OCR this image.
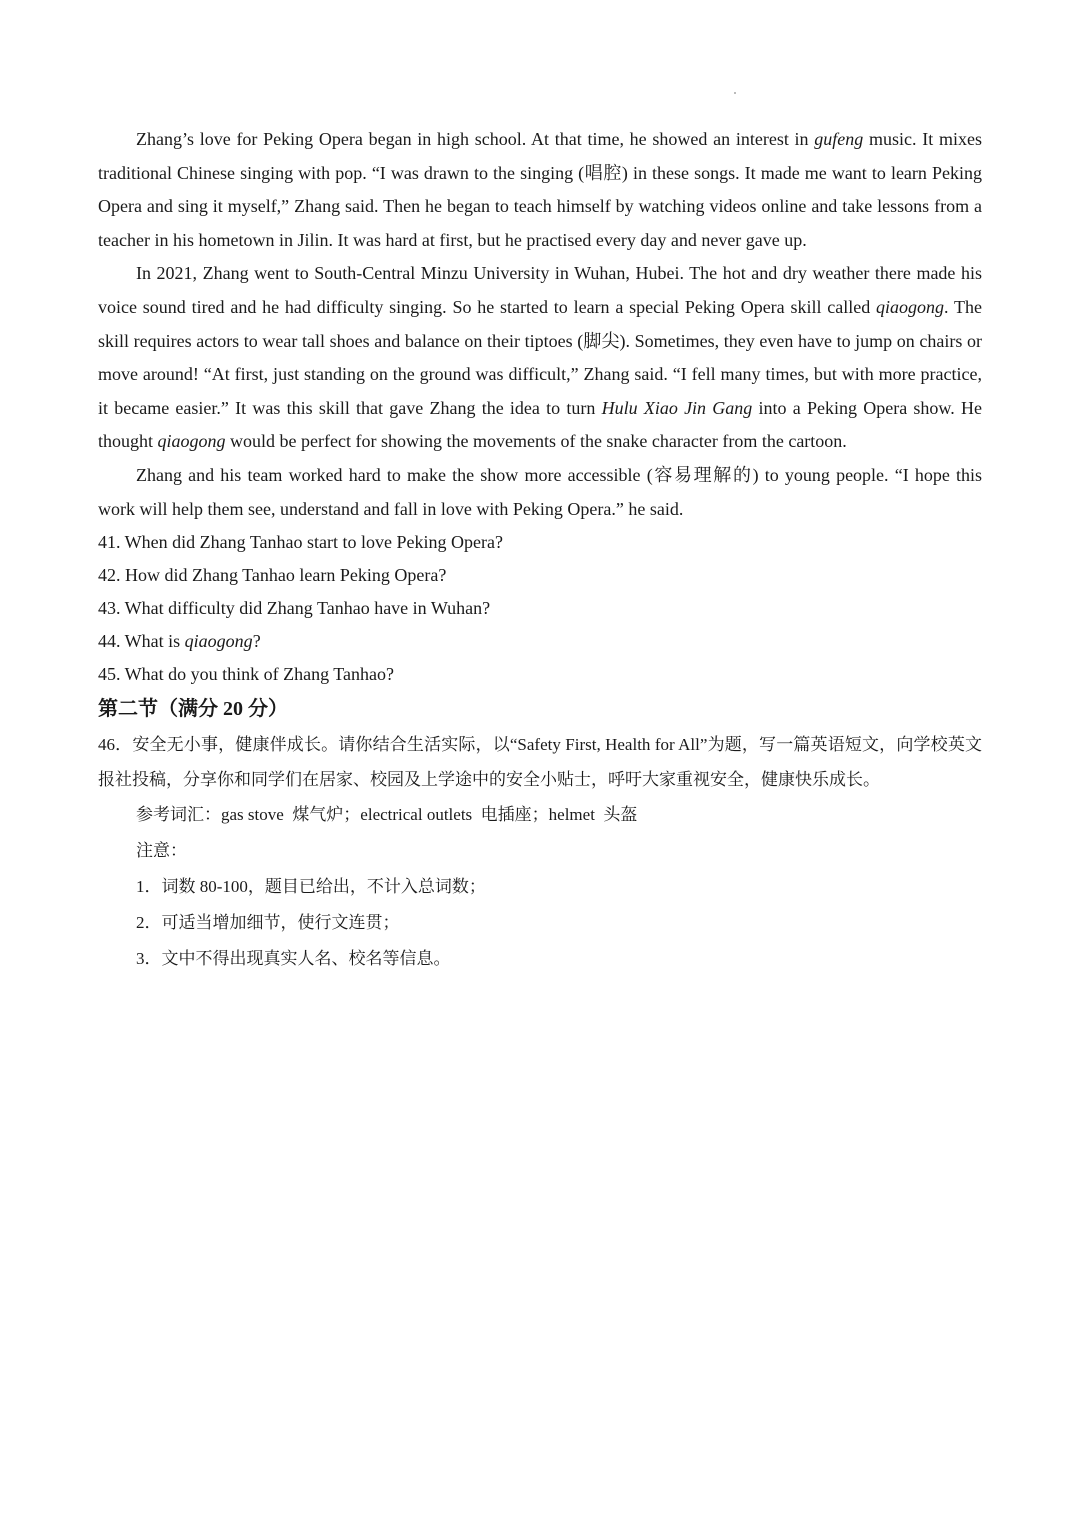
Zhang’s love for Peking Opera began in high school. At that time, he showed an interest in gufeng music. It mixes traditional Chinese singing with pop. “I was drawn to the singing (唱腔) in these songs. It made me want to learn Peking Opera and sing it myself,” Zhang said. Then he began to teach himself by watching videos online and take lessons from a teacher in his hometown in Jilin. It was hard at first, but he practised every day and never gave up.

In 2021, Zhang went to South-Central Minzu University in Wuhan, Hubei. The hot and dry weather there made his voice sound tired and he had difficulty singing. So he started to learn a special Peking Opera skill called qiaogong. The skill requires actors to wear tall shoes and balance on their tiptoes (脚尖). Sometimes, they even have to jump on chairs or move around! “At first, just standing on the ground was difficult,” Zhang said. “I fell many times, but with more practice, it became easier.” It was this skill that gave Zhang the idea to turn Hulu Xiao Jin Gang into a Peking Opera show. He thought qiaogong would be perfect for showing the movements of the snake character from the cartoon.

Zhang and his team worked hard to make the show more accessible (容易理解的) to young people. “I hope this work will help them see, understand and fall in love with Peking Opera.” he said.

41. When did Zhang Tanhao start to love Peking Opera?

42. How did Zhang Tanhao learn Peking Opera?

43. What difficulty did Zhang Tanhao have in Wuhan?

44. What is qiaogong?

45. What do you think of Zhang Tanhao?

第二节（满分 20 分）

46．安全无小事，健康伴成长。请你结合生活实际，以“Safety First, Health for All”为题，写一篇英语短文，向学校英文报社投稿，分享你和同学们在居家、校园及上学途中的安全小贴士，呼吁大家重视安全，健康快乐成长。

参考词汇：gas stove  煤气炉；electrical outlets  电插座；helmet  头盔

注意：

1．词数 80-100，题目已给出，不计入总词数；

2．可适当增加细节，使行文连贯；

3．文中不得出现真实人名、校名等信息。
